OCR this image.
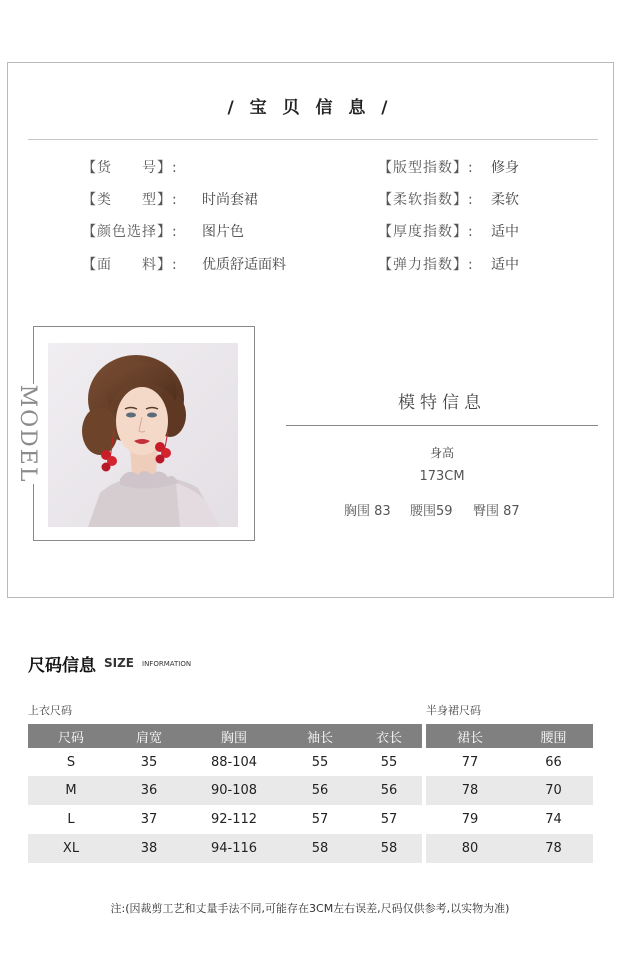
/ 宝 贝 信 息 /
【货　　号】:
【类　　型】: 时尚套裙
【颜色选择】: 图片色
【面　　料】: 优质舒适面料
【版型指数】: 修身
【柔软指数】: 柔软
【厚度指数】: 适中
【弹力指数】: 适中
MODEL	模特信息
身高
173CM
胸围 83 腰围59 臀围 87
尺码信息 SIZE INFORMATION
上衣尺码
尺码	肩宽	胸围	袖长	衣长
S	35	88-104	55	55
M	36	90-108	56	56
L	37	92-112	57	57
XL	38	94-116	58	58
半身裙尺码
裙长	腰围
77	66
78	70
79	74
80	78
注:(因裁剪工艺和丈量手法不同,可能存在3CM左右误差,尺码仅供参考,以实物为准)
